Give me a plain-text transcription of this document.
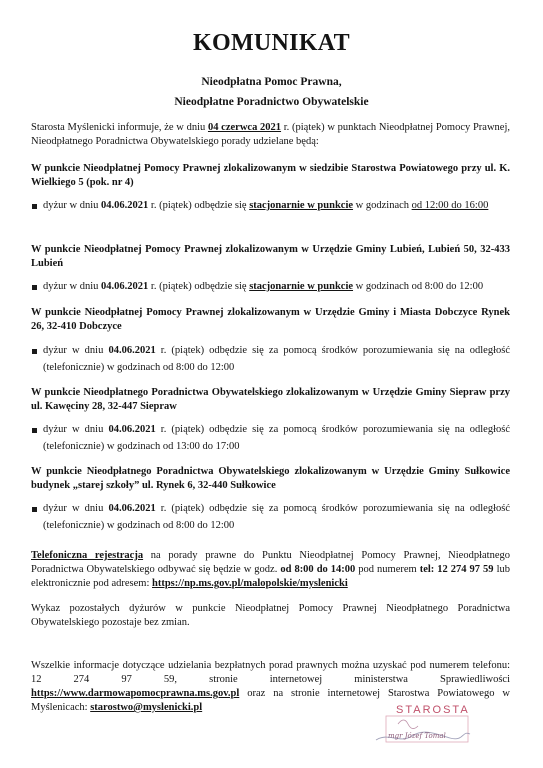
KOMUNIKAT
Nieodpłatna Pomoc Prawna,
Nieodpłatne Poradnictwo Obywatelskie
Starosta Myślenicki informuje, że w dniu 04 czerwca 2021 r. (piątek) w punktach Nieodpłatnej Pomocy Prawnej, Nieodpłatnego Poradnictwa Obywatelskiego porady udzielane będą:
W punkcie Nieodpłatnej Pomocy Prawnej zlokalizowanym w siedzibie Starostwa Powiatowego przy ul. K. Wielkiego 5 (pok. nr 4)
dyżur w dniu 04.06.2021 r. (piątek) odbędzie się stacjonarnie w punkcie w godzinach od 12:00 do 16:00
W punkcie Nieodpłatnej Pomocy Prawnej zlokalizowanym w Urzędzie Gminy Lubień, Lubień 50, 32-433 Lubień
dyżur w dniu 04.06.2021 r. (piątek) odbędzie się stacjonarnie w punkcie w godzinach od 8:00 do 12:00
W punkcie Nieodpłatnej Pomocy Prawnej zlokalizowanym w Urzędzie Gminy i Miasta Dobczyce Rynek 26, 32-410 Dobczyce
dyżur w dniu 04.06.2021 r. (piątek) odbędzie się za pomocą środków porozumiewania się na odległość (telefonicznie) w godzinach od 8:00 do 12:00
W punkcie Nieodpłatnego Poradnictwa Obywatelskiego zlokalizowanym w Urzędzie Gminy Siepraw przy ul. Kawęciny 28, 32-447 Siepraw
dyżur w dniu 04.06.2021 r. (piątek) odbędzie się za pomocą środków porozumiewania się na odległość (telefonicznie) w godzinach od 13:00 do 17:00
W punkcie Nieodpłatnego Poradnictwa Obywatelskiego zlokalizowanym w Urzędzie Gminy Sułkowice budynek „starej szkoły” ul. Rynek 6, 32-440 Sułkowice
dyżur w dniu 04.06.2021 r. (piątek) odbędzie się za pomocą środków porozumiewania się na odległość (telefonicznie) w godzinach od 8:00 do 12:00
Telefoniczna rejestracja na porady prawne do Punktu Nieodpłatnej Pomocy Prawnej, Nieodpłatnego Poradnictwa Obywatelskiego odbywać się będzie w godz. od 8:00 do 14:00 pod numerem tel: 12 274 97 59 lub elektronicznie pod adresem: https://np.ms.gov.pl/malopolskie/myslenicki
Wykaz pozostałych dyżurów w punkcie Nieodpłatnej Pomocy Prawnej Nieodpłatnego Poradnictwa Obywatelskiego pozostaje bez zmian.
Wszelkie informacje dotyczące udzielania bezpłatnych porad prawnych można uzyskać pod numerem telefonu: 12 274 97 59, stronie internetowej ministerstwa Sprawiedliwości https://www.darmowapomocprawna.ms.gov.pl oraz na stronie internetowej Starostwa Powiatowego w Myślenicach: starostwo@myslenicki.pl	STAROSTA
mgr Józef Tomal
